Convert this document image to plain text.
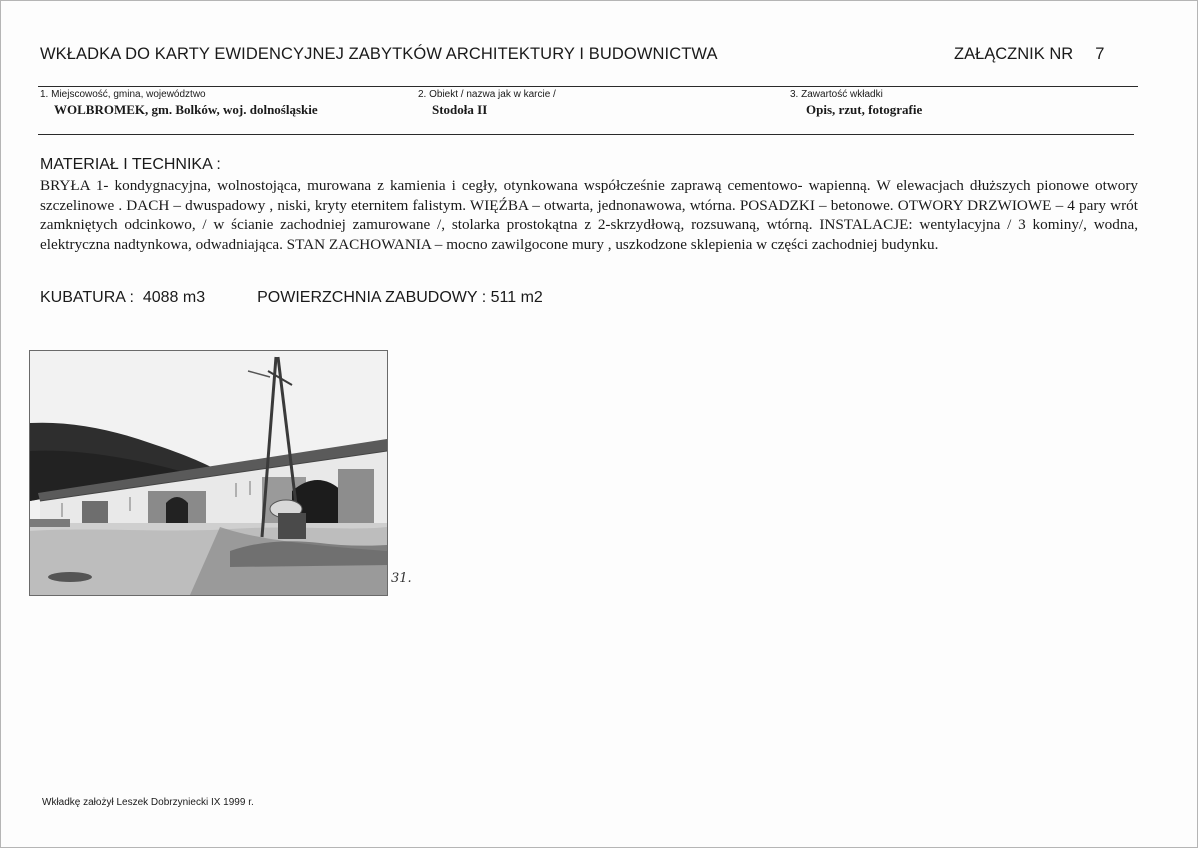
WKŁADKA DO KARTY EWIDENCYJNEJ ZABYTKÓW ARCHITEKTURY I BUDOWNICTWA	ZAŁĄCZNIK NR 7
1. Miejscowość, gmina, województwo
WOLBROMEK, gm. Bolków, woj. dolnośląskie
2. Obiekt / nazwa jak w karcie /
Stodoła II
3. Zawartość wkładki
Opis, rzut, fotografie
MATERIAŁ I TECHNIKA :
BRYŁA 1- kondygnacyjna, wolnostojąca, murowana z kamienia i cegły, otynkowana współcześnie zaprawą cementowo- wapienną. W elewacjach dłuższych pionowe otwory szczelinowe . DACH – dwuspadowy , niski, kryty eternitem falistym. WIĘŹBA – otwarta, jednonawowa, wtórna. POSADZKI – betonowe. OTWORY DRZWIOWE – 4 pary wrót zamkniętych odcinkowo, / w ścianie zachodniej zamurowane /, stolarka prostokątna z 2-skrzydłową, rozsuwaną, wtórną. INSTALACJE: wentylacyjna / 3 kominy/, wodna, elektryczna nadtynkowa, odwadniająca. STAN ZACHOWANIA – mocno zawilgocone mury , uszkodzone sklepienia w części zachodniej budynku.
KUBATURA : 4088 m3	POWIERZCHNIA ZABUDOWY : 511 m2
31.
Wkładkę założył Leszek Dobrzyniecki IX 1999 r.
